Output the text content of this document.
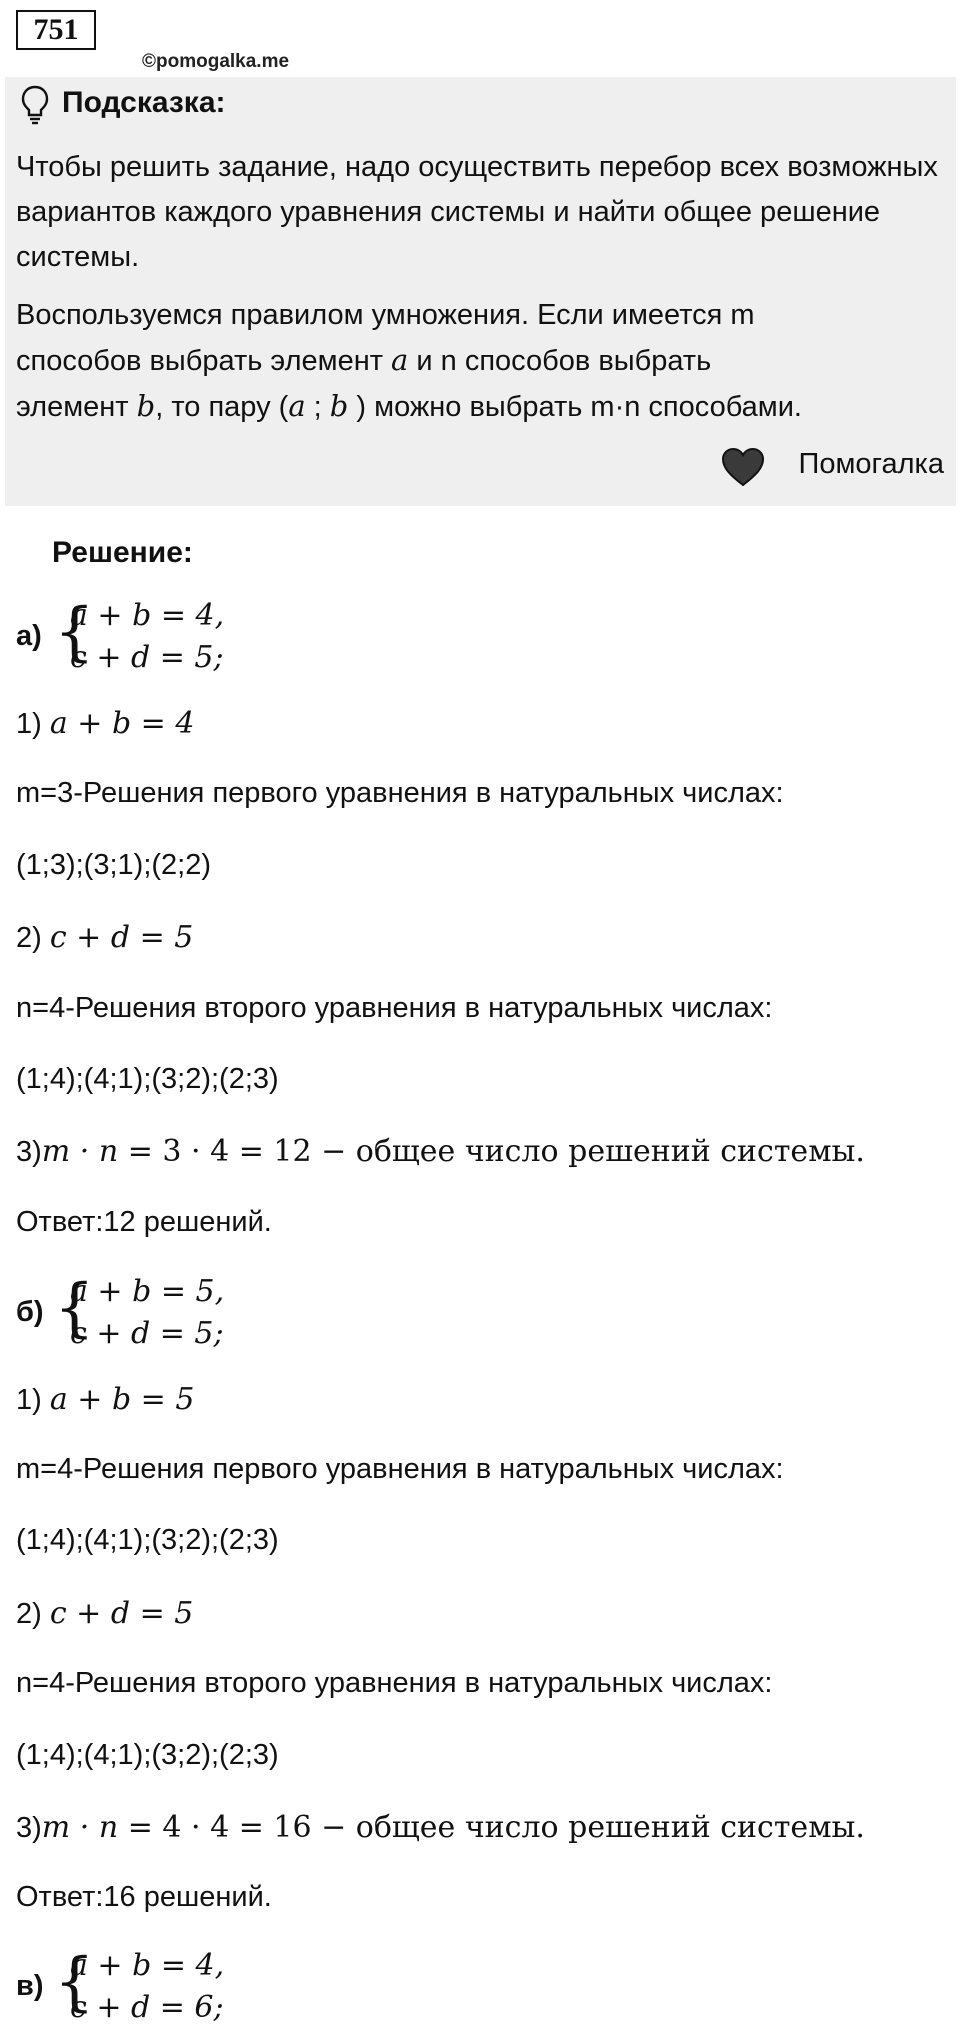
751
©pomogalka.me
Подсказка:
Чтобы решить задание, надо осуществить перебор всех возможных вариантов каждого уравнения системы и найти общее решение системы.
Воспользуемся правилом умножения. Если имеется m
способов выбрать элемент a и n способов выбрать
элемент b, то пару (a ; b ) можно выбрать m·n способами.
Помогалка
Решение:
а) {
a + b = 4,
c + d = 5;
1) a + b = 4
m=3-Решения первого уравнения в натуральных числах:
(1;3);(3;1);(2;2)
2) c + d = 5
n=4-Решения второго уравнения в натуральных числах:
(1;4);(4;1);(3;2);(2;3)
3)m · n = 3 · 4 = 12 − общее число решений системы.
Ответ:12 решений.
б) {
a + b = 5,
c + d = 5;
1) a + b = 5
m=4-Решения первого уравнения в натуральных числах:
(1;4);(4;1);(3;2);(2;3)
2) c + d = 5
n=4-Решения второго уравнения в натуральных числах:
(1;4);(4;1);(3;2);(2;3)
3)m · n = 4 · 4 = 16 − общее число решений системы.
Ответ:16 решений.
в) {
a + b = 4,
c + d = 6;
